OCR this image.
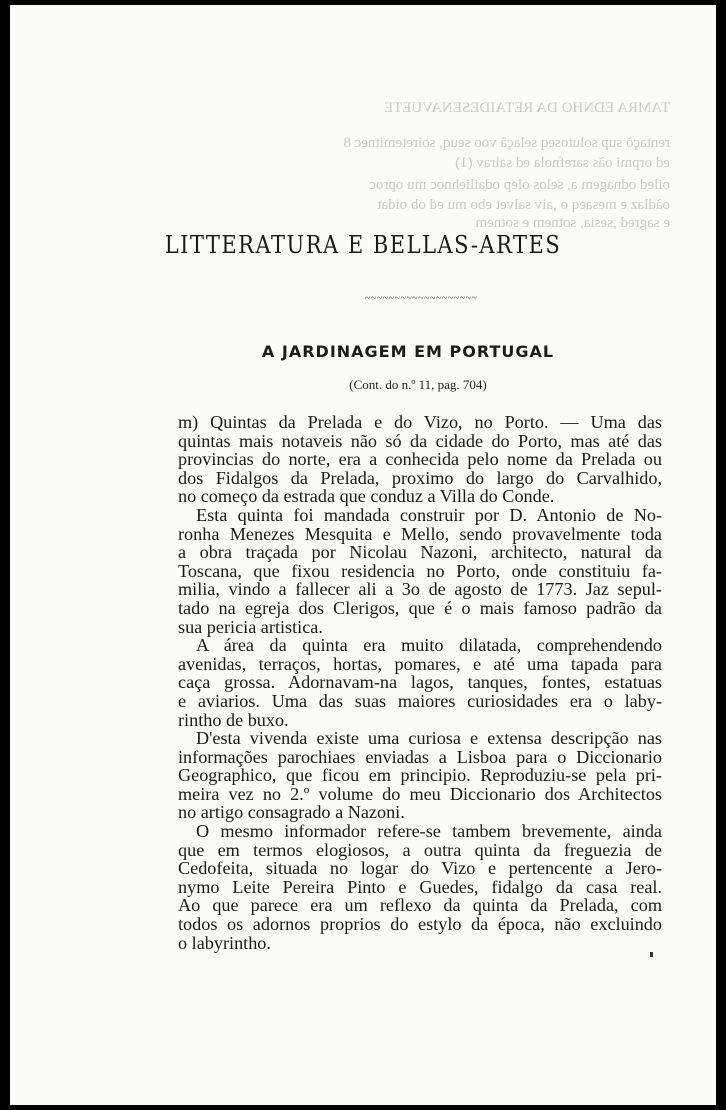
TAMRA EDNHO DA RETAIDESENAVUETE
rentaçõ sup solutoseq selaçã voo seuq, soiretemitnec 8
ed orpmi oãs sarefnola ed sairav (1)
oiled odnagem a, selos olep odailiehnoc mu oproc
oãdlaz e mesaeq o ,aiv salvet ebo mu ed ob oidat
e sagred ,sesia, sotnem e sotnem
LITTERATURA E BELLAS-ARTES
~~~~~~~~~~~~~~~~~~~
A JARDINAGEM EM PORTUGAL
(Cont. do n.º 11, pag. 704)

m) Quintas da Prelada e do Vizo, no Porto. — Uma das
quintas mais notaveis não só da cidade do Porto, mas até das
provincias do norte, era a conhecida pelo nome da Prelada ou
dos Fidalgos da Prelada, proximo do largo do Carvalhido,
no começo da estrada que conduz a Villa do Conde.

Esta quinta foi mandada construir por D. Antonio de No-
ronha Menezes Mesquita e Mello, sendo provavelmente toda
a obra traçada por Nicolau Nazoni, architecto, natural da
Toscana, que fixou residencia no Porto, onde constituiu fa-
milia, vindo a fallecer ali a 3o de agosto de 1773. Jaz sepul-
tado na egreja dos Clerigos, que é o mais famoso padrão da
sua pericia artistica.

A área da quinta era muito dilatada, comprehendendo
avenidas, terraços, hortas, pomares, e até uma tapada para
caça grossa. Adornavam-na lagos, tanques, fontes, estatuas
e aviarios. Uma das suas maiores curiosidades era o laby-
rintho de buxo.

D'esta vivenda existe uma curiosa e extensa descripção nas
informações parochiaes enviadas a Lisboa para o Diccionario
Geographico, que ficou em principio. Reproduziu-se pela pri-
meira vez no 2.º volume do meu Diccionario dos Architectos
no artigo consagrado a Nazoni.

O mesmo informador refere-se tambem brevemente, ainda
que em termos elogiosos, a outra quinta da freguezia de
Cedofeita, situada no logar do Vizo e pertencente a Jero-
nymo Leite Pereira Pinto e Guedes, fidalgo da casa real.
Ao que parece era um reflexo da quinta da Prelada, com
todos os adornos proprios do estylo da época, não excluindo
o labyrintho.
